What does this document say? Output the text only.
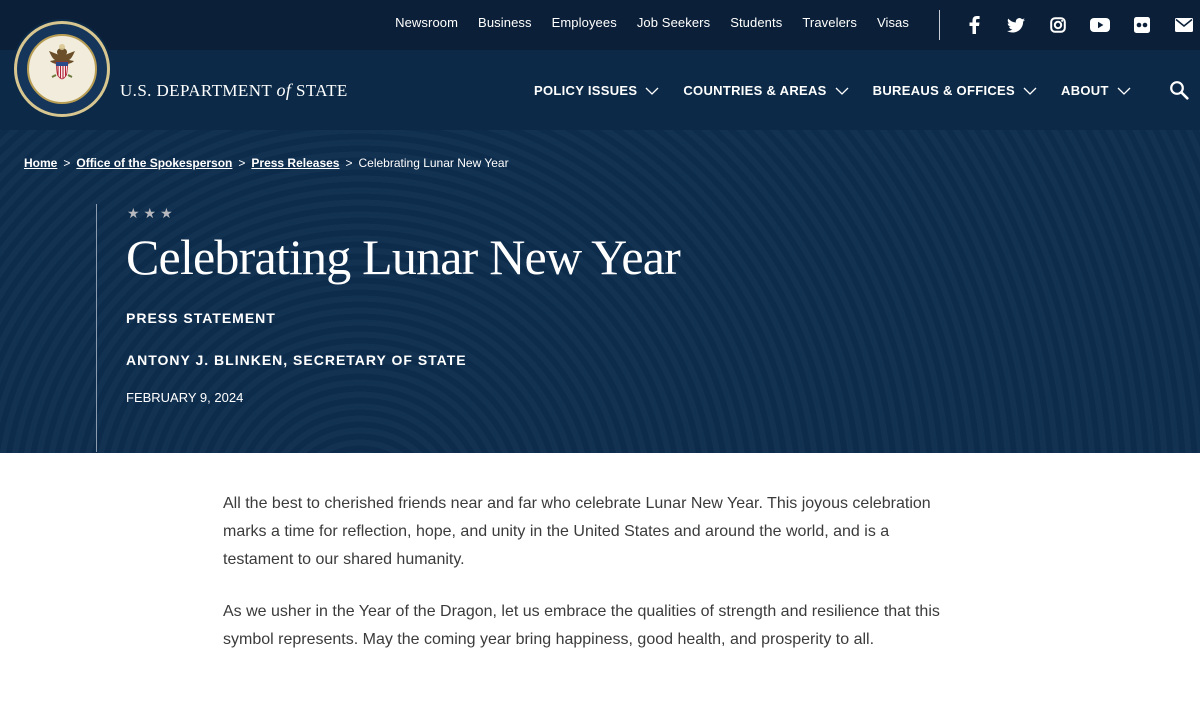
Newsroom Business Employees Job Seekers Students Travelers Visas
U.S. DEPARTMENT of STATE	POLICY ISSUES	COUNTRIES & AREAS	BUREAUS & OFFICES	ABOUT
Home > Office of the Spokesperson > Press Releases > Celebrating Lunar New Year
★★★
Celebrating Lunar New Year
PRESS STATEMENT
ANTONY J. BLINKEN, SECRETARY OF STATE
FEBRUARY 9, 2024

All the best to cherished friends near and far who celebrate Lunar New Year. This joyous celebration marks a time for reflection, hope, and unity in the United States and around the world, and is a testament to our shared humanity.

As we usher in the Year of the Dragon, let us embrace the qualities of strength and resilience that this symbol represents. May the coming year bring happiness, good health, and prosperity to all.
